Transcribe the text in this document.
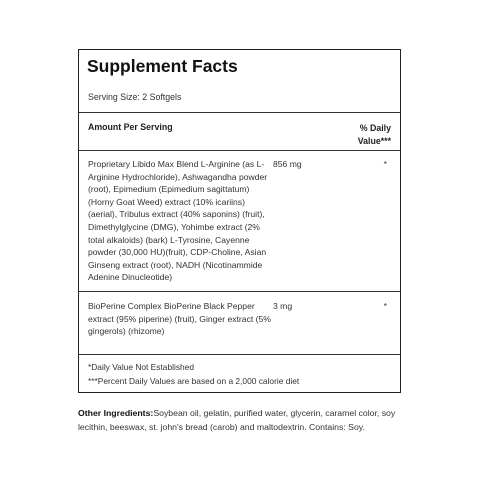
Supplement Facts
Serving Size: 2 Softgels
Amount Per Serving	% Daily
Value***
Proprietary Libido Max Blend L-Arginine (as L-Arginine Hydrochloride), Ashwagandha powder (root), Epimedium (Epimedium sagittatum) (Horny Goat Weed) extract (10% icariins) (aerial), Tribulus extract (40% saponins) (fruit), Dimethylglycine (DMG), Yohimbe extract (2% total alkaloids) (bark) L-Tyrosine, Cayenne powder (30,000 HU)(fruit), CDP-Choline, Asian Ginseng extract (root), NADH (Nicotinammide Adenine Dinucleotide)
856 mg	*
BioPerine Complex BioPerine Black Pepper extract (95% piperine) (fruit), Ginger extract (5% gingerols) (rhizome)
3 mg	*
*Daily Value Not Established
***Percent Daily Values are based on a 2,000 calorie diet
Other Ingredients:Soybean oil, gelatin, purified water, glycerin, caramel color, soy lecithin, beeswax, st. john's bread (carob) and maltodextrin. Contains: Soy.
